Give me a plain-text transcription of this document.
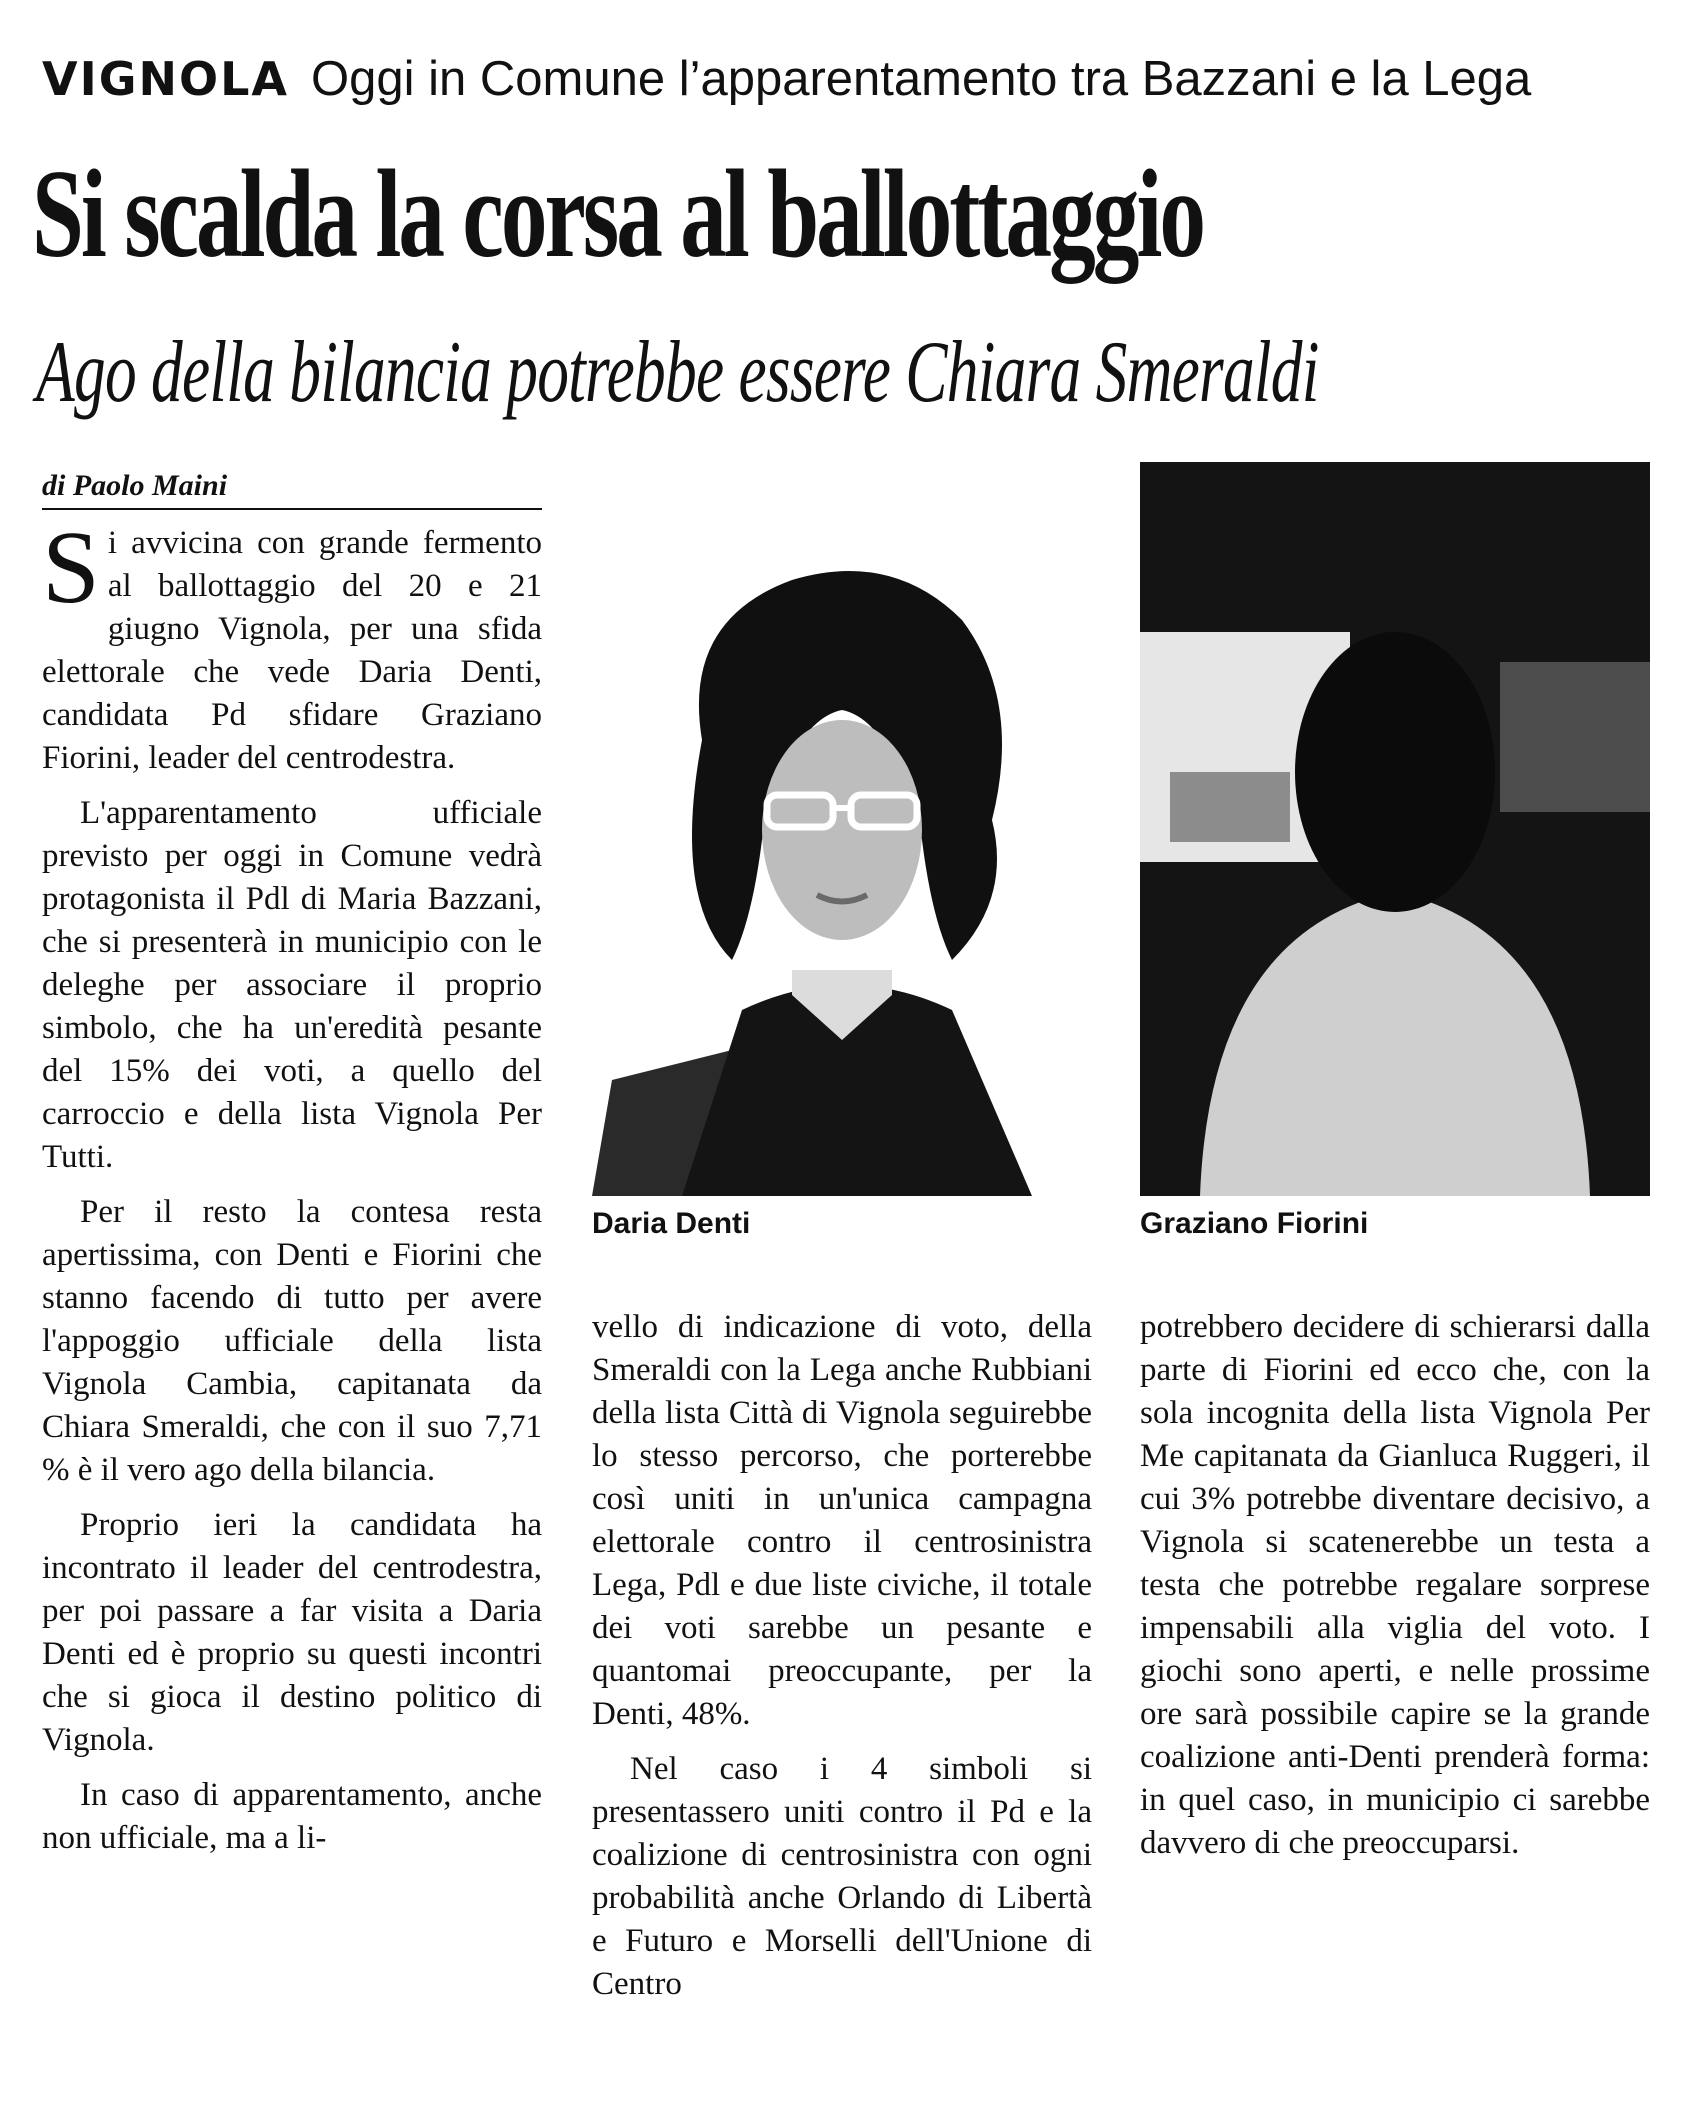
VIGNOLA Oggi in Comune l’apparentamento tra Bazzani e la Lega
Si scalda la corsa al ballottaggio
Ago della bilancia potrebbe essere Chiara Smeraldi
di Paolo Maini

Si avvicina con grande fermento al ballottaggio del 20 e 21 giugno Vignola, per una sfida elettorale che vede Daria Denti, candidata Pd sfidare Graziano Fiorini, leader del centrodestra.

L'apparentamento ufficiale previsto per oggi in Comune vedrà protagonista il Pdl di Maria Bazzani, che si presenterà in municipio con le deleghe per associare il proprio simbolo, che ha un'eredità pesante del 15% dei voti, a quello del carroccio e della lista Vignola Per Tutti.

Per il resto la contesa resta apertissima, con Denti e Fiorini che stanno facendo di tutto per avere l'appoggio ufficiale della lista Vignola Cambia, capitanata da Chiara Smeraldi, che con il suo 7,71 % è il vero ago della bilancia.

Proprio ieri la candidata ha incontrato il leader del centrodestra, per poi passare a far visita a Daria Denti ed è proprio su questi incontri che si gioca il destino politico di Vignola.

In caso di apparentamento, anche non ufficiale, ma a li-

Daria Denti	Graziano Fiorini

vello di indicazione di voto, della Smeraldi con la Lega anche Rubbiani della lista Città di Vignola seguirebbe lo stesso percorso, che porterebbe così uniti in un'unica campagna elettorale contro il centrosinistra Lega, Pdl e due liste civiche, il totale dei voti sarebbe un pesante e quantomai preoccupante, per la Denti, 48%.

Nel caso i 4 simboli si presentassero uniti contro il Pd e la coalizione di centrosinistra con ogni probabilità anche Orlando di Libertà e Futuro e Morselli dell'Unione di Centro

potrebbero decidere di schierarsi dalla parte di Fiorini ed ecco che, con la sola incognita della lista Vignola Per Me capitanata da Gianluca Ruggeri, il cui 3% potrebbe diventare decisivo, a Vignola si scatenerebbe un testa a testa che potrebbe regalare sorprese impensabili alla viglia del voto. I giochi sono aperti, e nelle prossime ore sarà possibile capire se la grande coalizione anti-Denti prenderà forma: in quel caso, in municipio ci sarebbe davvero di che preoccuparsi.
